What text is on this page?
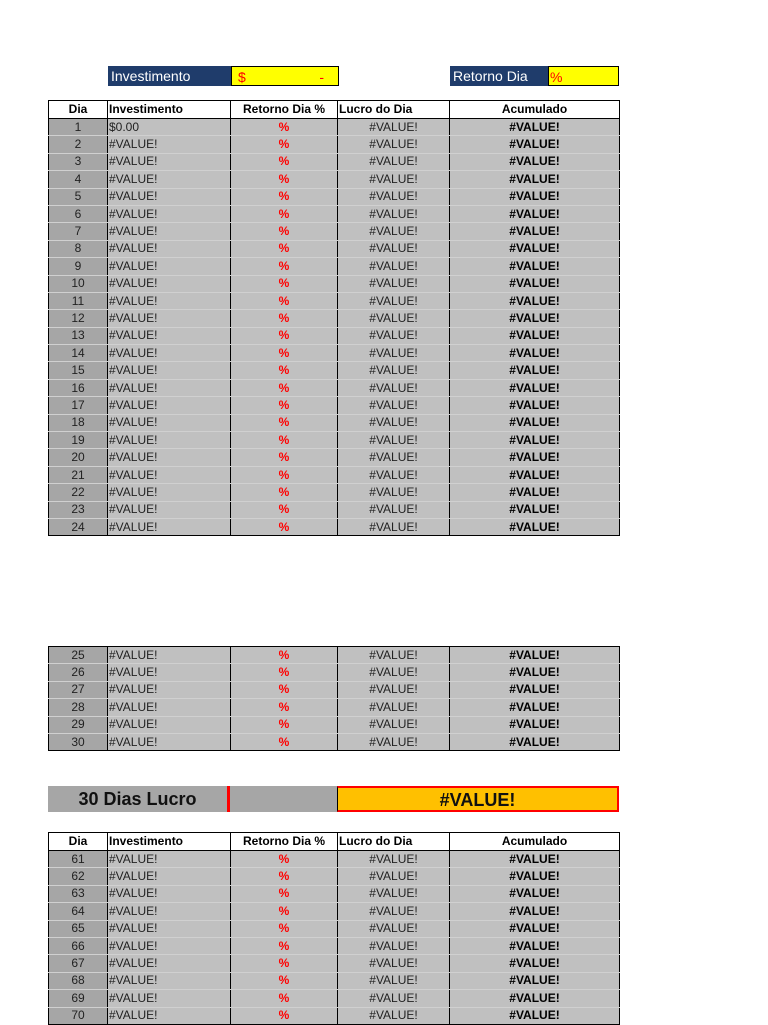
Investimento	$	-	Retorno Dia	%
Dia	Investimento	Retorno Dia %	Lucro do Dia	Acumulado
1	$0.00	%	#VALUE!	#VALUE!
2	#VALUE!	%	#VALUE!	#VALUE!
3	#VALUE!	%	#VALUE!	#VALUE!
4	#VALUE!	%	#VALUE!	#VALUE!
5	#VALUE!	%	#VALUE!	#VALUE!
6	#VALUE!	%	#VALUE!	#VALUE!
7	#VALUE!	%	#VALUE!	#VALUE!
8	#VALUE!	%	#VALUE!	#VALUE!
9	#VALUE!	%	#VALUE!	#VALUE!
10	#VALUE!	%	#VALUE!	#VALUE!
11	#VALUE!	%	#VALUE!	#VALUE!
12	#VALUE!	%	#VALUE!	#VALUE!
13	#VALUE!	%	#VALUE!	#VALUE!
14	#VALUE!	%	#VALUE!	#VALUE!
15	#VALUE!	%	#VALUE!	#VALUE!
16	#VALUE!	%	#VALUE!	#VALUE!
17	#VALUE!	%	#VALUE!	#VALUE!
18	#VALUE!	%	#VALUE!	#VALUE!
19	#VALUE!	%	#VALUE!	#VALUE!
20	#VALUE!	%	#VALUE!	#VALUE!
21	#VALUE!	%	#VALUE!	#VALUE!
22	#VALUE!	%	#VALUE!	#VALUE!
23	#VALUE!	%	#VALUE!	#VALUE!
24	#VALUE!	%	#VALUE!	#VALUE!
25	#VALUE!	%	#VALUE!	#VALUE!
26	#VALUE!	%	#VALUE!	#VALUE!
27	#VALUE!	%	#VALUE!	#VALUE!
28	#VALUE!	%	#VALUE!	#VALUE!
29	#VALUE!	%	#VALUE!	#VALUE!
30	#VALUE!	%	#VALUE!	#VALUE!
30 Dias Lucro	#VALUE!
Dia	Investimento	Retorno Dia %	Lucro do Dia	Acumulado
61	#VALUE!	%	#VALUE!	#VALUE!
62	#VALUE!	%	#VALUE!	#VALUE!
63	#VALUE!	%	#VALUE!	#VALUE!
64	#VALUE!	%	#VALUE!	#VALUE!
65	#VALUE!	%	#VALUE!	#VALUE!
66	#VALUE!	%	#VALUE!	#VALUE!
67	#VALUE!	%	#VALUE!	#VALUE!
68	#VALUE!	%	#VALUE!	#VALUE!
69	#VALUE!	%	#VALUE!	#VALUE!
70	#VALUE!	%	#VALUE!	#VALUE!
